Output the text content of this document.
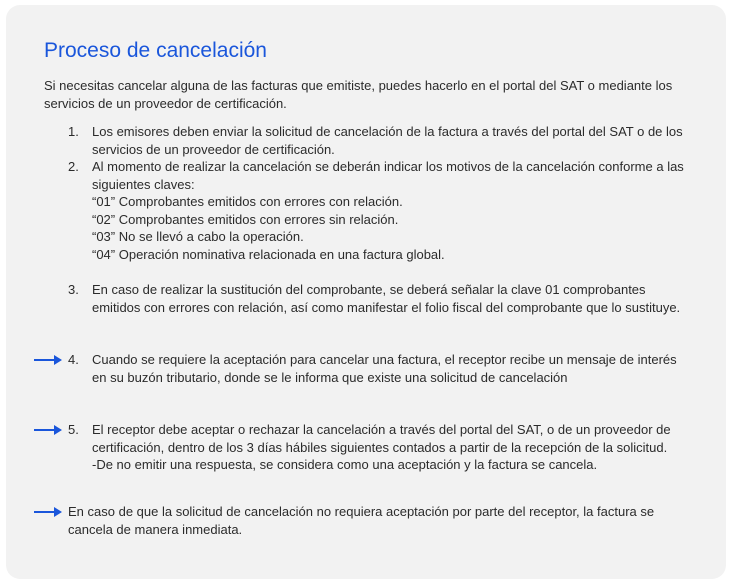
Proceso de cancelación

Si necesitas cancelar alguna de las facturas que emitiste, puedes hacerlo en el portal del SAT o mediante los servicios de un proveedor de certificación.

1. Los emisores deben enviar la solicitud de cancelación de la factura a través del portal del SAT o de los servicios de un proveedor de certificación.
2. Al momento de realizar la cancelación se deberán indicar los motivos de la cancelación conforme a las siguientes claves:
“01” Comprobantes emitidos con errores con relación.
“02” Comprobantes emitidos con errores sin relación.
“03” No se llevó a cabo la operación.
“04” Operación nominativa relacionada en una factura global.
3. En caso de realizar la sustitución del comprobante, se deberá señalar la clave 01 comprobantes emitidos con errores con relación, así como manifestar el folio fiscal del comprobante que lo sustituye.
4. Cuando se requiere la aceptación para cancelar una factura, el receptor recibe un mensaje de interés en su buzón tributario, donde se le informa que existe una solicitud de cancelación
5. El receptor debe aceptar o rechazar la cancelación a través del portal del SAT, o de un proveedor de certificación, dentro de los 3 días hábiles siguientes contados a partir de la recepción de la solicitud.
-De no emitir una respuesta, se considera como una aceptación y la factura se cancela.
En caso de que la solicitud de cancelación no requiera aceptación por parte del receptor, la factura se cancela de manera inmediata.
